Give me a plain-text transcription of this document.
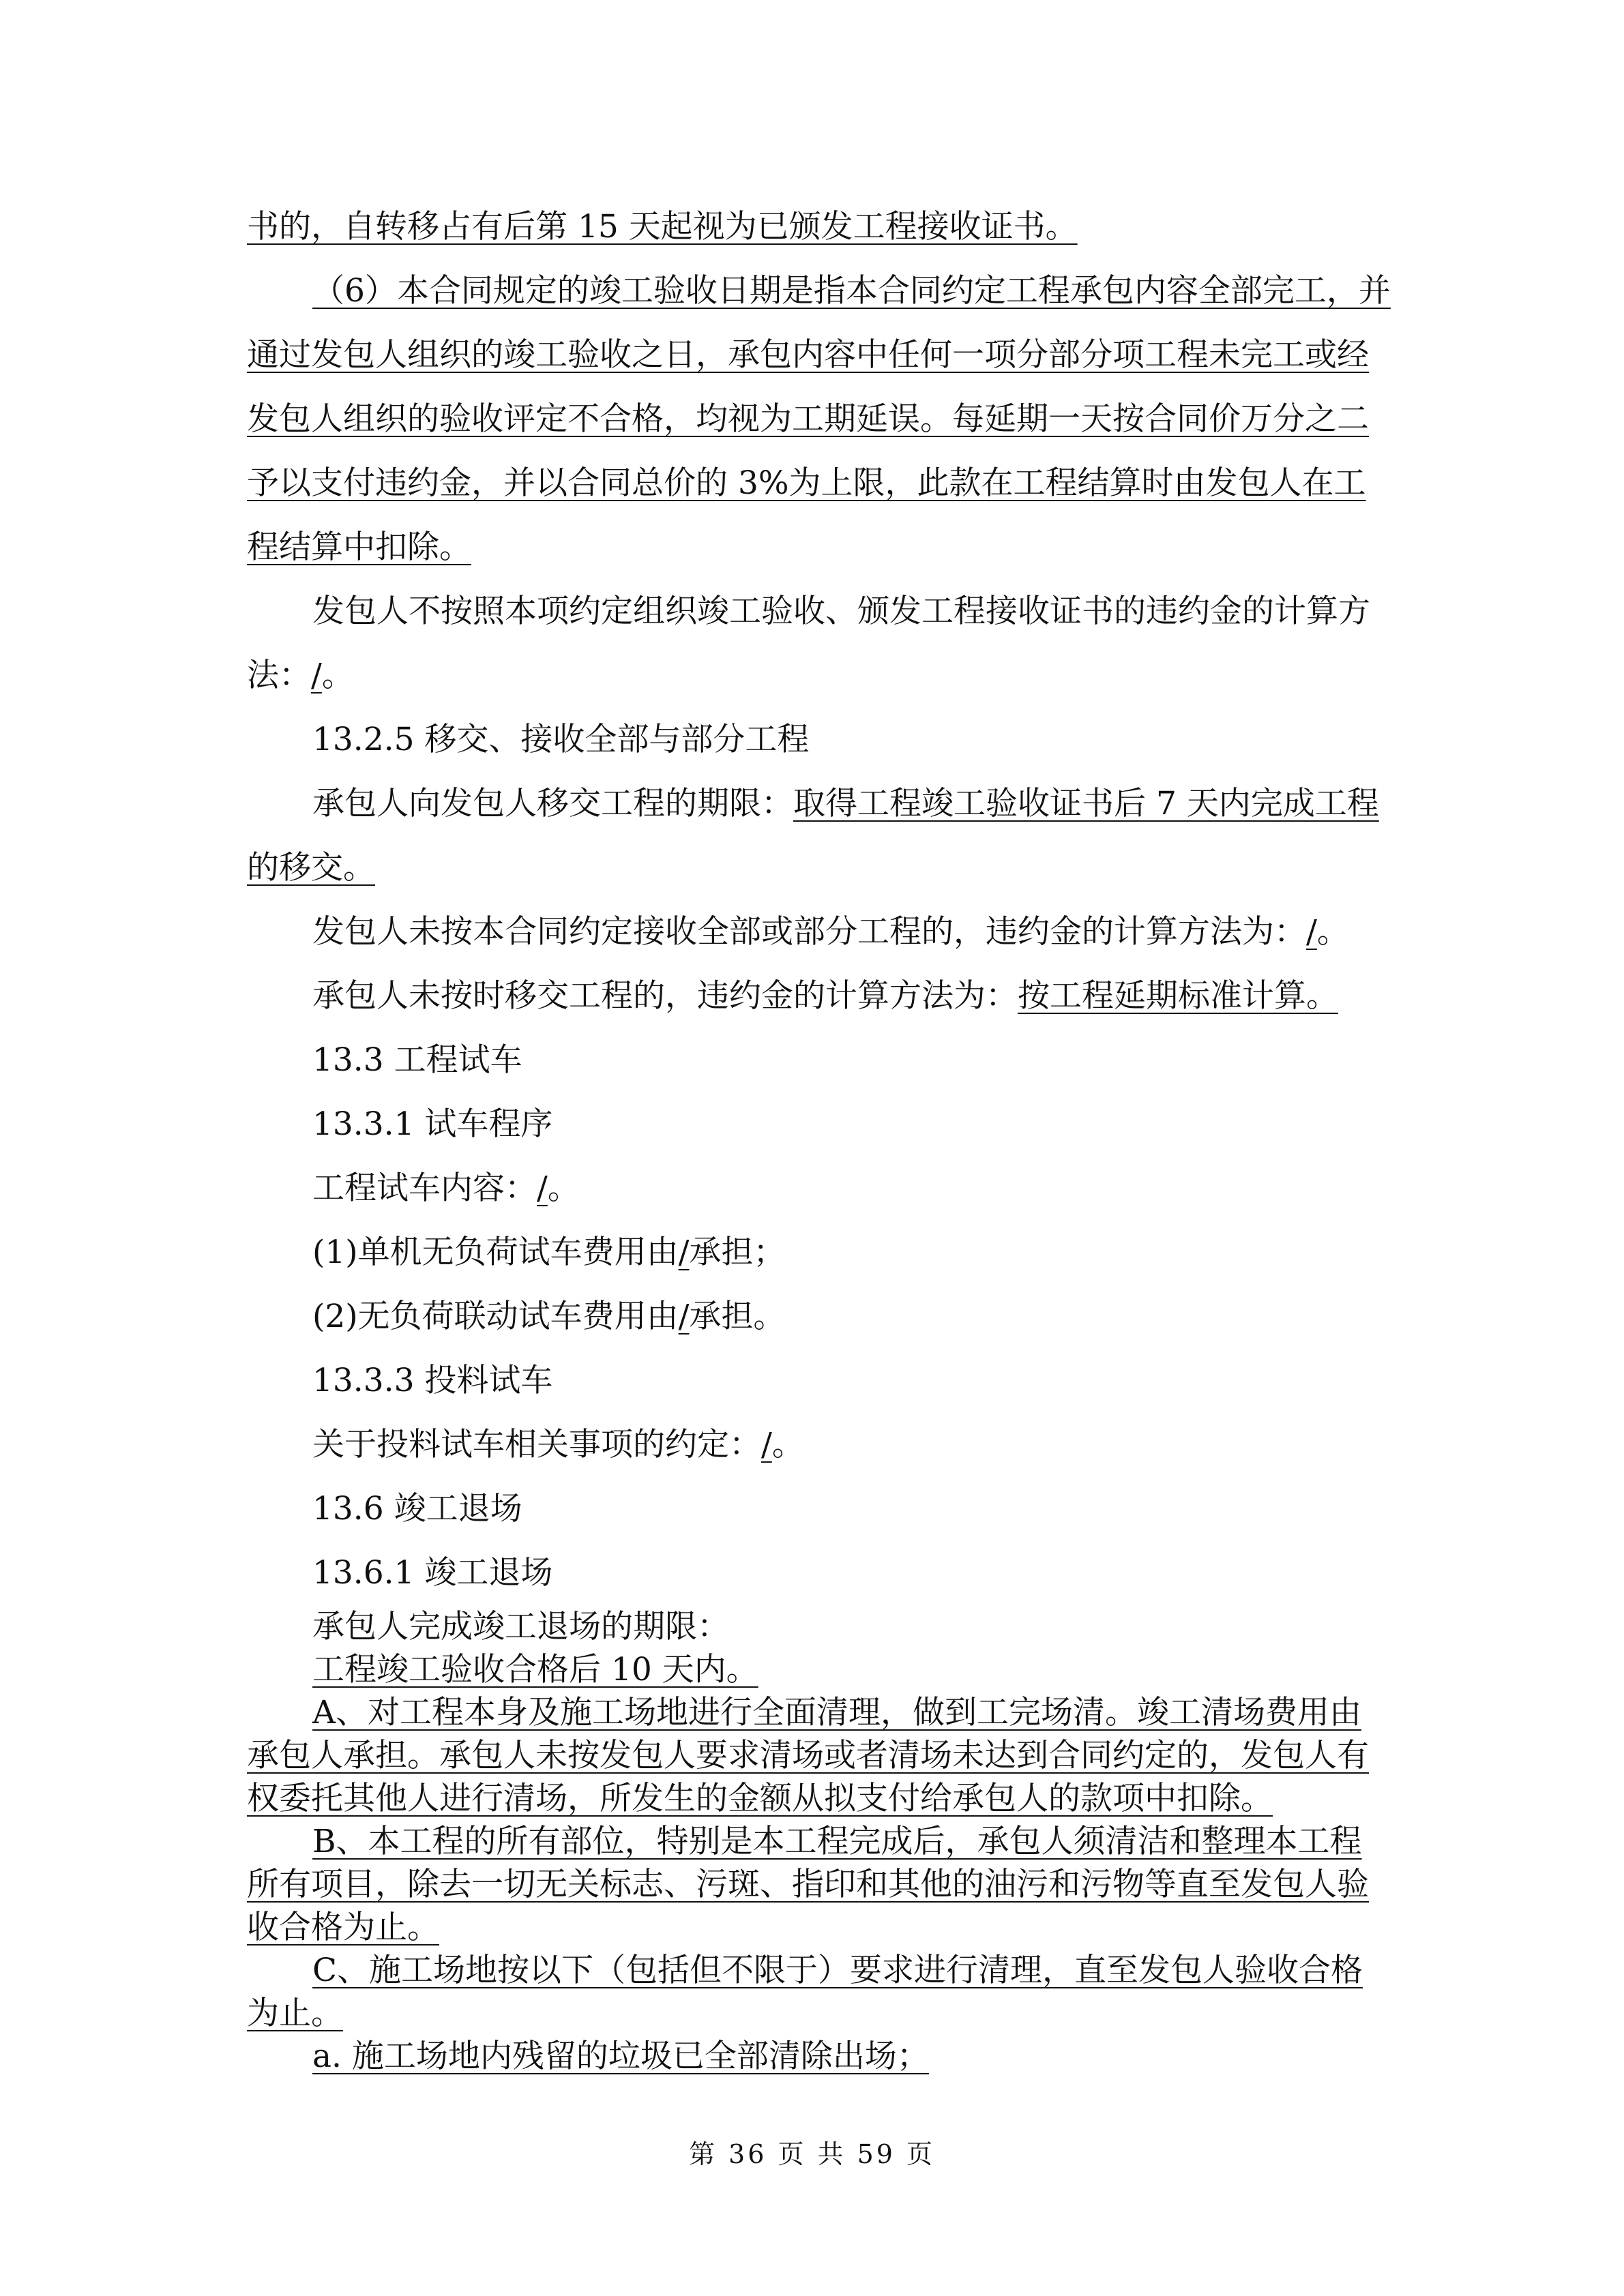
书的，自转移占有后第 15 天起视为已颁发工程接收证书。

（6）本合同规定的竣工验收日期是指本合同约定工程承包内容全部完工，并通过发包人组织的竣工验收之日，承包内容中任何一项分部分项工程未完工或经发包人组织的验收评定不合格，均视为工期延误。每延期一天按合同价万分之二予以支付违约金，并以合同总价的 3%为上限，此款在工程结算时由发包人在工程结算中扣除。

发包人不按照本项约定组织竣工验收、颁发工程接收证书的违约金的计算方法：/。

13.2.5 移交、接收全部与部分工程

承包人向发包人移交工程的期限：取得工程竣工验收证书后 7 天内完成工程的移交。

发包人未按本合同约定接收全部或部分工程的，违约金的计算方法为：/。

承包人未按时移交工程的，违约金的计算方法为：按工程延期标准计算。

13.3 工程试车

13.3.1 试车程序

工程试车内容：/。

(1)单机无负荷试车费用由/承担；

(2)无负荷联动试车费用由/承担。

13.3.3 投料试车

关于投料试车相关事项的约定：/。

13.6 竣工退场

13.6.1 竣工退场

承包人完成竣工退场的期限：

工程竣工验收合格后 10 天内。

A、对工程本身及施工场地进行全面清理，做到工完场清。竣工清场费用由承包人承担。承包人未按发包人要求清场或者清场未达到合同约定的，发包人有权委托其他人进行清场，所发生的金额从拟支付给承包人的款项中扣除。

B、本工程的所有部位，特别是本工程完成后，承包人须清洁和整理本工程所有项目，除去一切无关标志、污斑、指印和其他的油污和污物等直至发包人验收合格为止。

C、施工场地按以下（包括但不限于）要求进行清理，直至发包人验收合格为止。

a. 施工场地内残留的垃圾已全部清除出场；

第 36 页 共 59 页
